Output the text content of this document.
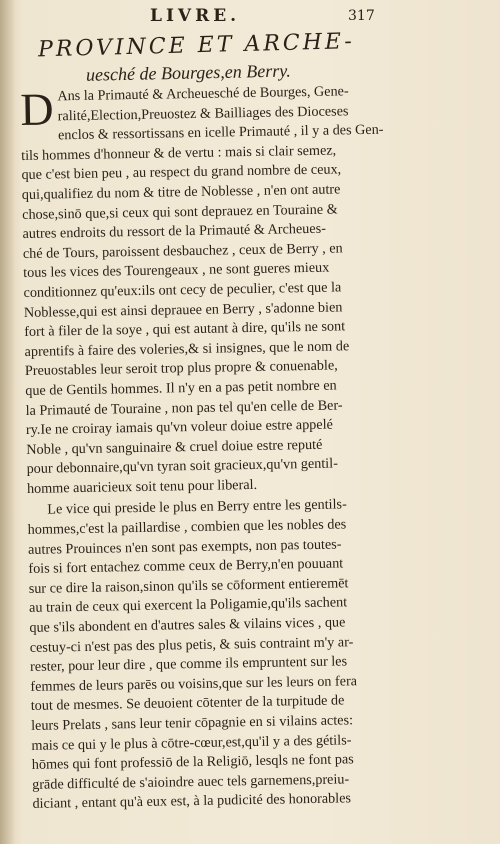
LIVRE.	317
PROVINCE ET ARCHE-
uesché de Bourges,en Berry.
D Ans la Primauté & Archeuesché de Bourges, Gene-
ralité,Election,Preuostez & Bailliages des Dioceses
enclos & ressortissans en icelle Primauté , il y a des Gen-
tils hommes d'honneur & de vertu : mais si clair semez,
que c'est bien peu , au respect du grand nombre de ceux,
qui,qualifiez du nom & titre de Noblesse , n'en ont autre
chose,sinō que,si ceux qui sont deprauez en Touraine &
autres endroits du ressort de la Primauté & Archeues-
ché de Tours, paroissent desbauchez , ceux de Berry , en
tous les vices des Tourengeaux , ne sont gueres mieux
conditionnez qu'eux:ils ont cecy de peculier, c'est que la
Noblesse,qui est ainsi deprauee en Berry , s'adonne bien
fort à filer de la soye , qui est autant à dire, qu'ils ne sont
aprentifs à faire des voleries,& si insignes, que le nom de
Preuostables leur seroit trop plus propre & conuenable,
que de Gentils hommes. Il n'y en a pas petit nombre en
la Primauté de Touraine , non pas tel qu'en celle de Ber-
ry.Ie ne croiray iamais qu'vn voleur doiue estre appelé
Noble , qu'vn sanguinaire & cruel doiue estre reputé
pour debonnaire,qu'vn tyran soit gracieux,qu'vn gentil-
homme auaricieux soit tenu pour liberal.
Le vice qui preside le plus en Berry entre les gentils-
hommes,c'est la paillardise , combien que les nobles des
autres Prouinces n'en sont pas exempts, non pas toutes-
fois si fort entachez comme ceux de Berry,n'en pouuant
sur ce dire la raison,sinon qu'ils se cōforment entieremēt
au train de ceux qui exercent la Poligamie,qu'ils sachent
que s'ils abondent en d'autres sales & vilains vices , que
cestuy-ci n'est pas des plus petis, & suis contraint m'y ar-
rester, pour leur dire , que comme ils empruntent sur les
femmes de leurs parēs ou voisins,que sur les leurs on fera
tout de mesmes. Se deuoient cōtenter de la turpitude de
leurs Prelats , sans leur tenir cōpagnie en si vilains actes:
mais ce qui y le plus à cōtre-cœur,est,qu'il y a des gétils-
hōmes qui font professiō de la Religiō, lesqls ne font pas
grāde difficulté de s'aioindre auec tels garnemens,preiu-
diciant , entant qu'à eux est, à la pudicité des honorables
